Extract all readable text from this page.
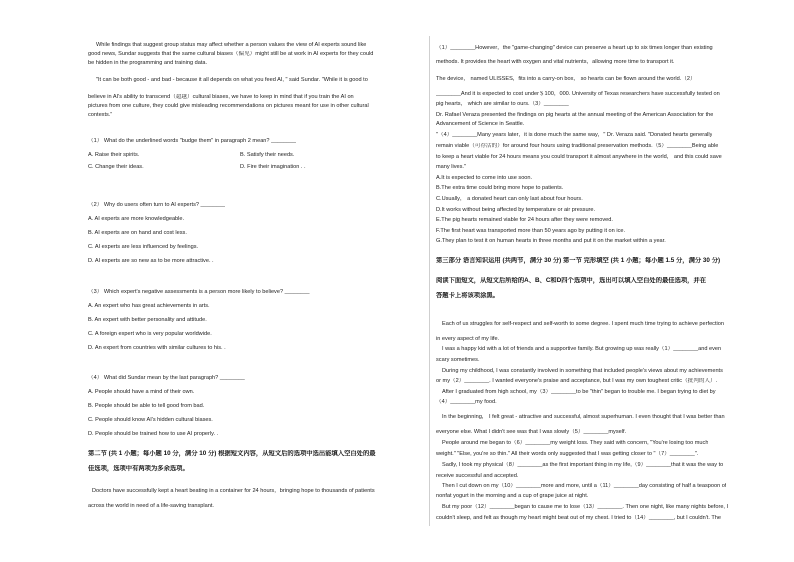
While findings that suggest group status may affect whether a person values the view of AI experts sound like
good news, Sundar suggests that the same cultural biases（偏见）might still be at work in AI experts for they could
be hidden in the programming and training data.
"It can be both good - and bad - because it all depends on what you feed AI, " said Sundar. "While it is good to
believe in AI's ability to transcend（超越）cultural biases, we have to keep in mind that if you train the AI on
pictures from one culture, they could give misleading recommendations on pictures meant for use in other cultural
contexts."
（1） What do the underlined words "budge them" in paragraph 2 mean? ________
A. Raise their spirits.	B. Satisfy their needs.
C. Change their ideas.	D. Fire their imagination . .
（2） Why do users often turn to AI experts? ________
A. AI experts are more knowledgeable.
B. AI experts are on hand and cost less.
C. AI experts are less influenced by feelings.
D. AI experts are so new as to be more attractive. .
（3） Which expert's negative assessments is a person more likely to believe? ________
A. An expert who has great achievements in arts.
B. An expert with better personality and attitude.
C. A foreign expert who is very popular worldwide.
D. An expert from countries with similar cultures to his. .
（4） What did Sundar mean by the last paragraph? ________
A. People should have a mind of their own.
B. People should be able to tell good from bad.
C. People should know AI's hidden cultural biases.
D. People should be trained how to use AI properly. .
第二节 (共 1 小题；每小题 10 分，满分 10 分) 根据短文内容，从短文后的选项中选出能填入空白处的最
佳选项，选项中有两项为多余选项。
Doctors have successfully kept a heart beating in a container for 24 hours，bringing hope to thousands of patients
across the world in need of a life-saving transplant.
（1）________However，the "game-changing" device can preserve a heart up to six times longer than existing
methods. It provides the heart with oxygen and vital nutrients，allowing more time to transport it.
The device， named ULISSES，fits into a carry-on box， so hearts can be flown around the world.（2）
________And it is expected to cost under＄100，000. University of Texas researchers have successfully tested on
pig hearts， which are similar to ours.（3）________
Dr. Rafael Veraza presented the findings on pig hearts at the annual meeting of the American Association for the
Advancement of Science in Seattle.
"（4）________Many years later，it is done much the same way，" Dr. Veraza said. "Donated hearts generally
remain viable（可存活的）for around four hours using traditional preservation methods.（5）________Being able
to keep a heart viable for 24 hours means you could transport it almost anywhere in the world， and this could save
many lives."
A.It is expected to come into use soon.
B.The extra time could bring more hope to patients.
C.Usually， a donated heart can only last about four hours.
D.It works without being affected by temperature or air pressure.
E.The pig hearts remained viable for 24 hours after they were removed.
F.The first heart was transported more than 50 years ago by putting it on ice.
G.They plan to test it on human hearts in three months and put it on the market within a year.
第三部分 语言知识运用 (共两节，满分 30 分) 第一节 完形填空 (共 1 小题；每小题 1.5 分，满分 30 分)
阅读下面短文，从短文后所给的A、B、C和D四个选项中，选出可以填入空白处的最佳选项，并在
答题卡上将该项涂黑。
Each of us struggles for self-respect and self-worth to some degree. I spent much time trying to achieve perfection
in every aspect of my life.
I was a happy kid with a lot of friends and a supportive family. But growing up was really（1）________and even
scary sometimes.
During my childhood, I was constantly involved in something that included people's views about my achievements
or my（2）________. I wanted everyone's praise and acceptance, but I was my own toughest critic（批判的人）.
After I graduated from high school, my（3）________to be "thin" began to trouble me. I began trying to diet by
（4）________my food.
In the beginning， I felt great - attractive and successful, almost superhuman. I even thought that I was better than
everyone else. What I didn't see was that I was slowly（5）________myself.
People around me began to（6）________my weight loss. They said with concern, "You're losing too much
weight." "Else, you're so thin." All their words only suggested that I was getting closer to "（7）________".
Sadly, I took my physical（8）________as the first important thing in my life,（9）________that it was the way to
receive successful and accepted.
Then I cut down on my（10）________more and more, until a（11）________day consisting of half a teaspoon of
nonfat yogurt in the morning and a cup of grape juice at night.
But my poor（12）________began to cause me to lose（13）________. Then one night, like many nights before, I
couldn't sleep, and felt as though my heart might beat out of my chest. I tried to（14）________, but I couldn't. The
